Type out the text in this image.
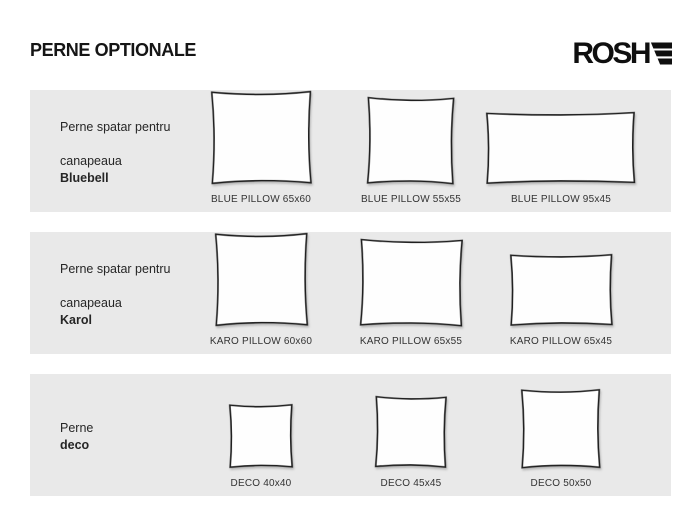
PERNE OPTIONALE	ROSH
Perne spatar pentru

canapeaua
Bluebell
BLUE PILLOW 65x60	BLUE PILLOW 55x55	BLUE PILLOW 95x45
Perne spatar pentru

canapeaua
Karol
KARO PILLOW 60x60	KARO PILLOW 65x55	KARO PILLOW 65x45
Perne
deco
DECO 40x40	DECO 45x45	DECO 50x50
